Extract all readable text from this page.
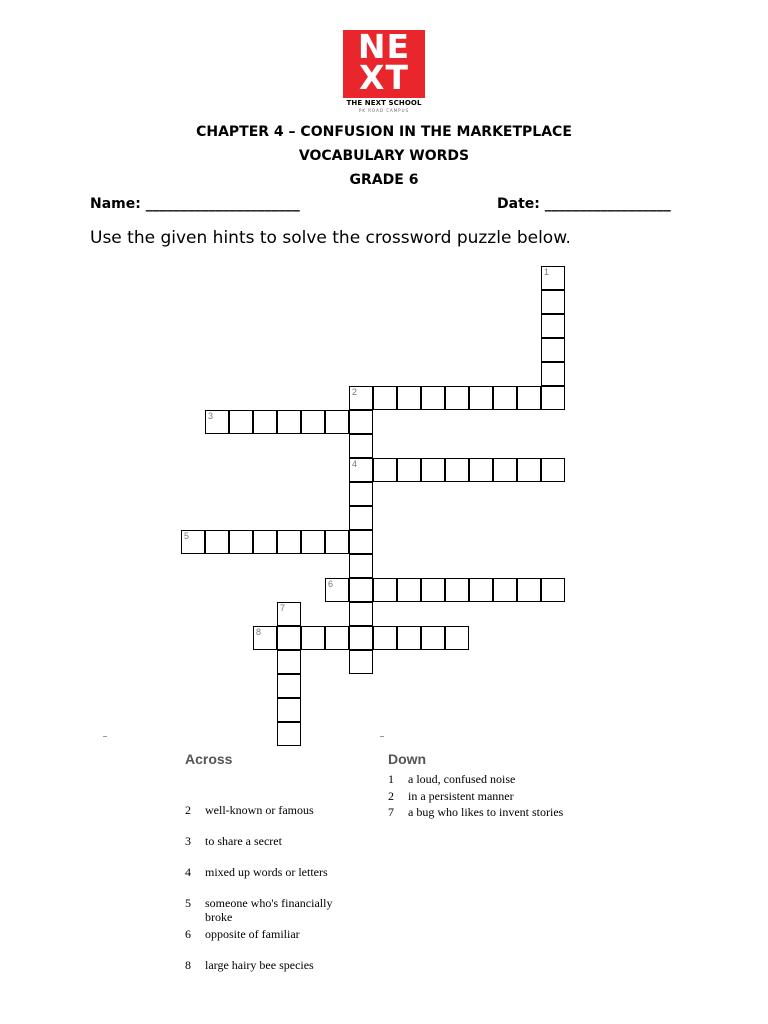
NE
XT
THE NEXT SCHOOL
PK ROAD CAMPUS
CHAPTER 4 – CONFUSION IN THE MARKETPLACE
VOCABULARY WORDS
GRADE 6
Name: ______________________	Date: __________________
Use the given hints to solve the crossword puzzle below.
1
2
4
3
5
6
7
8
Across	Down
2	well-known or famous
3	to share a secret
4	mixed up words or letters
5	someone who's financially broke
6	opposite of familiar
8	large hairy bee species
1	a loud, confused noise
2	in a persistent manner
7	a bug who likes to invent stories
